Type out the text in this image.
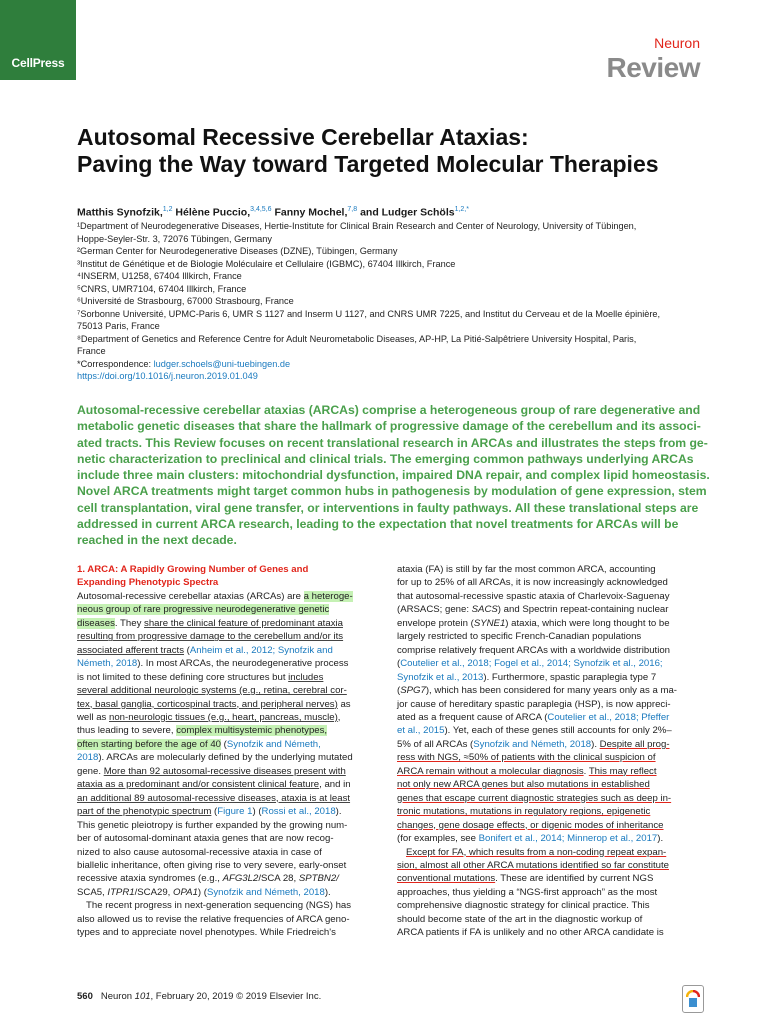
CellPress
Neuron
Review
Autosomal Recessive Cerebellar Ataxias:
Paving the Way toward Targeted Molecular Therapies
Matthis Synofzik,$^{1,2}$ Hélène Puccio,$^{3,4,5,6}$ Fanny Mochel,$^{7,8}$ and Ludger Schöls$^{1,2,*}$
¹Department of Neurodegenerative Diseases, Hertie-Institute for Clinical Brain Research and Center of Neurology, University of Tübingen,
Hoppe-Seyler-Str. 3, 72076 Tübingen, Germany
²German Center for Neurodegenerative Diseases (DZNE), Tübingen, Germany
³Institut de Génétique et de Biologie Moléculaire et Cellulaire (IGBMC), 67404 Illkirch, France
⁴INSERM, U1258, 67404 Illkirch, France
⁵CNRS, UMR7104, 67404 Illkirch, France
⁶Université de Strasbourg, 67000 Strasbourg, France
⁷Sorbonne Université, UPMC-Paris 6, UMR S 1127 and Inserm U 1127, and CNRS UMR 7225, and Institut du Cerveau et de la Moelle épinière,
75013 Paris, France
⁸Department of Genetics and Reference Centre for Adult Neurometabolic Diseases, AP-HP, La Pitié-Salpêtriere University Hospital, Paris,
France
*Correspondence: ludger.schoels@uni-tuebingen.de
https://doi.org/10.1016/j.neuron.2019.01.049
Autosomal-recessive cerebellar ataxias (ARCAs) comprise a heterogeneous group of rare degenerative and
metabolic genetic diseases that share the hallmark of progressive damage of the cerebellum and its associ-
ated tracts. This Review focuses on recent translational research in ARCAs and illustrates the steps from ge-
netic characterization to preclinical and clinical trials. The emerging common pathways underlying ARCAs
include three main clusters: mitochondrial dysfunction, impaired DNA repair, and complex lipid homeostasis.
Novel ARCA treatments might target common hubs in pathogenesis by modulation of gene expression, stem
cell transplantation, viral gene transfer, or interventions in faulty pathways. All these translational steps are
addressed in current ARCA research, leading to the expectation that novel treatments for ARCAs will be
reached in the next decade.
1. ARCA: A Rapidly Growing Number of Genes and
Expanding Phenotypic Spectra
Autosomal-recessive cerebellar ataxias (ARCAs) are a heteroge-
neous group of rare progressive neurodegenerative genetic
diseases. They share the clinical feature of predominant ataxia
resulting from progressive damage to the cerebellum and/or its
associated afferent tracts (Anheim et al., 2012; Synofzik and
Németh, 2018). In most ARCAs, the neurodegenerative process
is not limited to these defining core structures but includes
several additional neurologic systems (e.g., retina, cerebral cor-
tex, basal ganglia, corticospinal tracts, and peripheral nerves) as
well as non-neurologic tissues (e.g., heart, pancreas, muscle),
thus leading to severe, complex multisystemic phenotypes,
often starting before the age of 40 (Synofzik and Németh,
2018). ARCAs are molecularly defined by the underlying mutated
gene. More than 92 autosomal-recessive diseases present with
ataxia as a predominant and/or consistent clinical feature, and in
an additional 89 autosomal-recessive diseases, ataxia is at least
part of the phenotypic spectrum (Figure 1) (Rossi et al., 2018).
This genetic pleiotropy is further expanded by the growing num-
ber of autosomal-dominant ataxia genes that are now recog-
nized to also cause autosomal-recessive ataxia in case of
biallelic inheritance, often giving rise to very severe, early-onset
recessive ataxia syndromes (e.g., AFG3L2/SCA 28, SPTBN2/
SCA5, ITPR1/SCA29, OPA1) (Synofzik and Németh, 2018).
The recent progress in next-generation sequencing (NGS) has
also allowed us to revise the relative frequencies of ARCA geno-
types and to appreciate novel phenotypes. While Friedreich's
ataxia (FA) is still by far the most common ARCA, accounting
for up to 25% of all ARCAs, it is now increasingly acknowledged
that autosomal-recessive spastic ataxia of Charlevoix-Saguenay
(ARSACS; gene: SACS) and Spectrin repeat-containing nuclear
envelope protein (SYNE1) ataxia, which were long thought to be
largely restricted to specific French-Canadian populations
comprise relatively frequent ARCAs with a worldwide distribution
(Coutelier et al., 2018; Fogel et al., 2014; Synofzik et al., 2016;
Synofzik et al., 2013). Furthermore, spastic paraplegia type 7
(SPG7), which has been considered for many years only as a ma-
jor cause of hereditary spastic paraplegia (HSP), is now appreci-
ated as a frequent cause of ARCA (Coutelier et al., 2018; Pfeffer
et al., 2015). Yet, each of these genes still accounts for only 2%–
5% of all ARCAs (Synofzik and Németh, 2018). Despite all prog-
ress with NGS, ≈50% of patients with the clinical suspicion of
ARCA remain without a molecular diagnosis. This may reflect
not only new ARCA genes but also mutations in established
genes that escape current diagnostic strategies such as deep in-
tronic mutations, mutations in regulatory regions, epigenetic
changes, gene dosage effects, or digenic modes of inheritance
(for examples, see Bonifert et al., 2014; Minnerop et al., 2017).
Except for FA, which results from a non-coding repeat expan-
sion, almost all other ARCA mutations identified so far constitute
conventional mutations. These are identified by current NGS
approaches, thus yielding a “NGS-first approach” as the most
comprehensive diagnostic strategy for clinical practice. This
should become state of the art in the diagnostic workup of
ARCA patients if FA is unlikely and no other ARCA candidate is
560 Neuron 101, February 20, 2019 © 2019 Elsevier Inc.
